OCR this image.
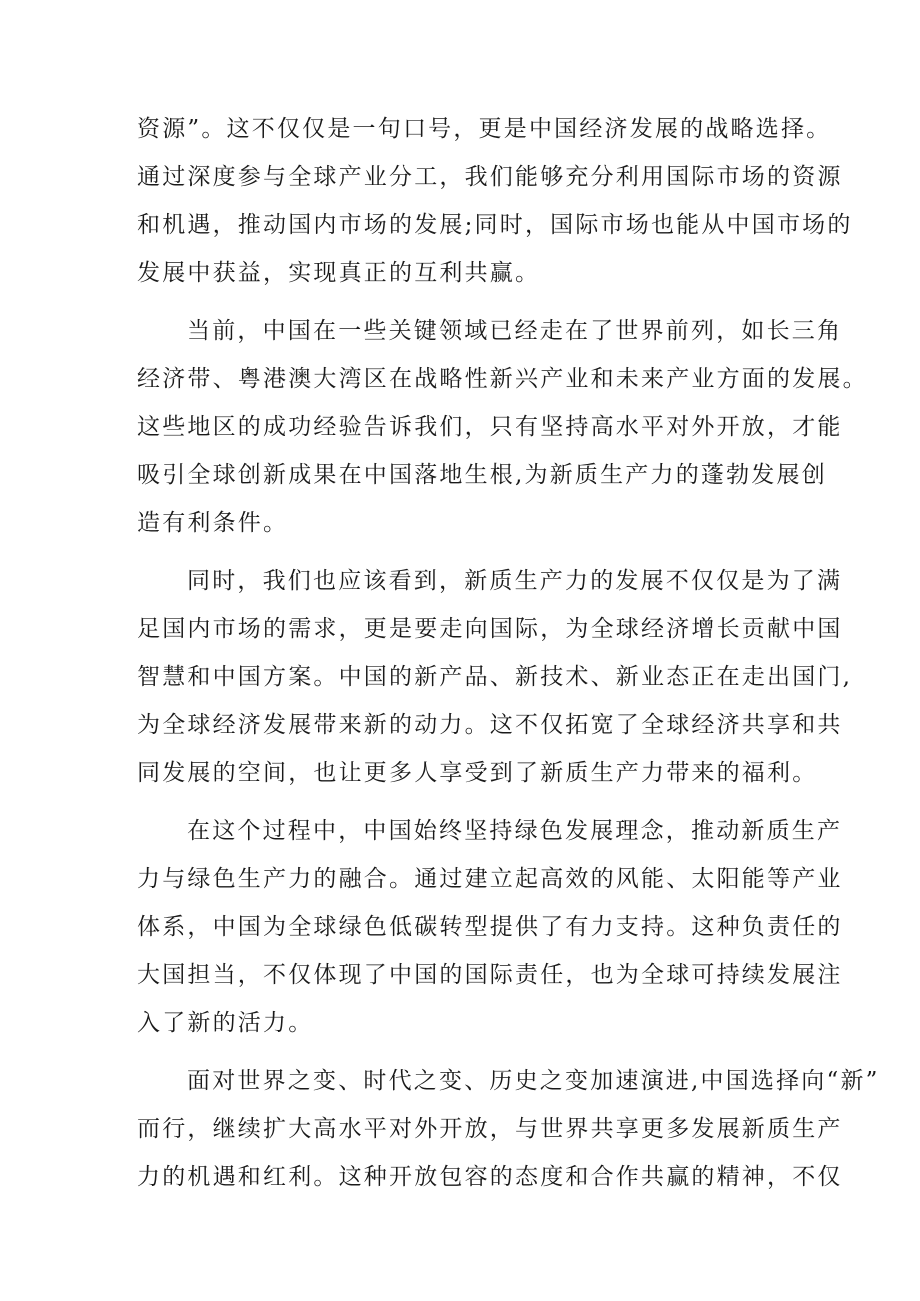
资源”。这不仅仅是一句口号，更是中国经济发展的战略选择。
通过深度参与全球产业分工，我们能够充分利用国际市场的资源
和机遇，推动国内市场的发展;同时，国际市场也能从中国市场的
发展中获益，实现真正的互利共赢。
当前，中国在一些关键领域已经走在了世界前列，如长三角
经济带、粤港澳大湾区在战略性新兴产业和未来产业方面的发展。
这些地区的成功经验告诉我们，只有坚持高水平对外开放，才能
吸引全球创新成果在中国落地生根,为新质生产力的蓬勃发展创
造有利条件。
同时，我们也应该看到，新质生产力的发展不仅仅是为了满
足国内市场的需求，更是要走向国际，为全球经济增长贡献中国
智慧和中国方案。中国的新产品、新技术、新业态正在走出国门,
为全球经济发展带来新的动力。这不仅拓宽了全球经济共享和共
同发展的空间，也让更多人享受到了新质生产力带来的福利。
在这个过程中，中国始终坚持绿色发展理念，推动新质生产
力与绿色生产力的融合。通过建立起高效的风能、太阳能等产业
体系，中国为全球绿色低碳转型提供了有力支持。这种负责任的
大国担当，不仅体现了中国的国际责任，也为全球可持续发展注
入了新的活力。
面对世界之变、时代之变、历史之变加速演进,中国选择向“新”
而行，继续扩大高水平对外开放，与世界共享更多发展新质生产
力的机遇和红利。这种开放包容的态度和合作共赢的精神，不仅
